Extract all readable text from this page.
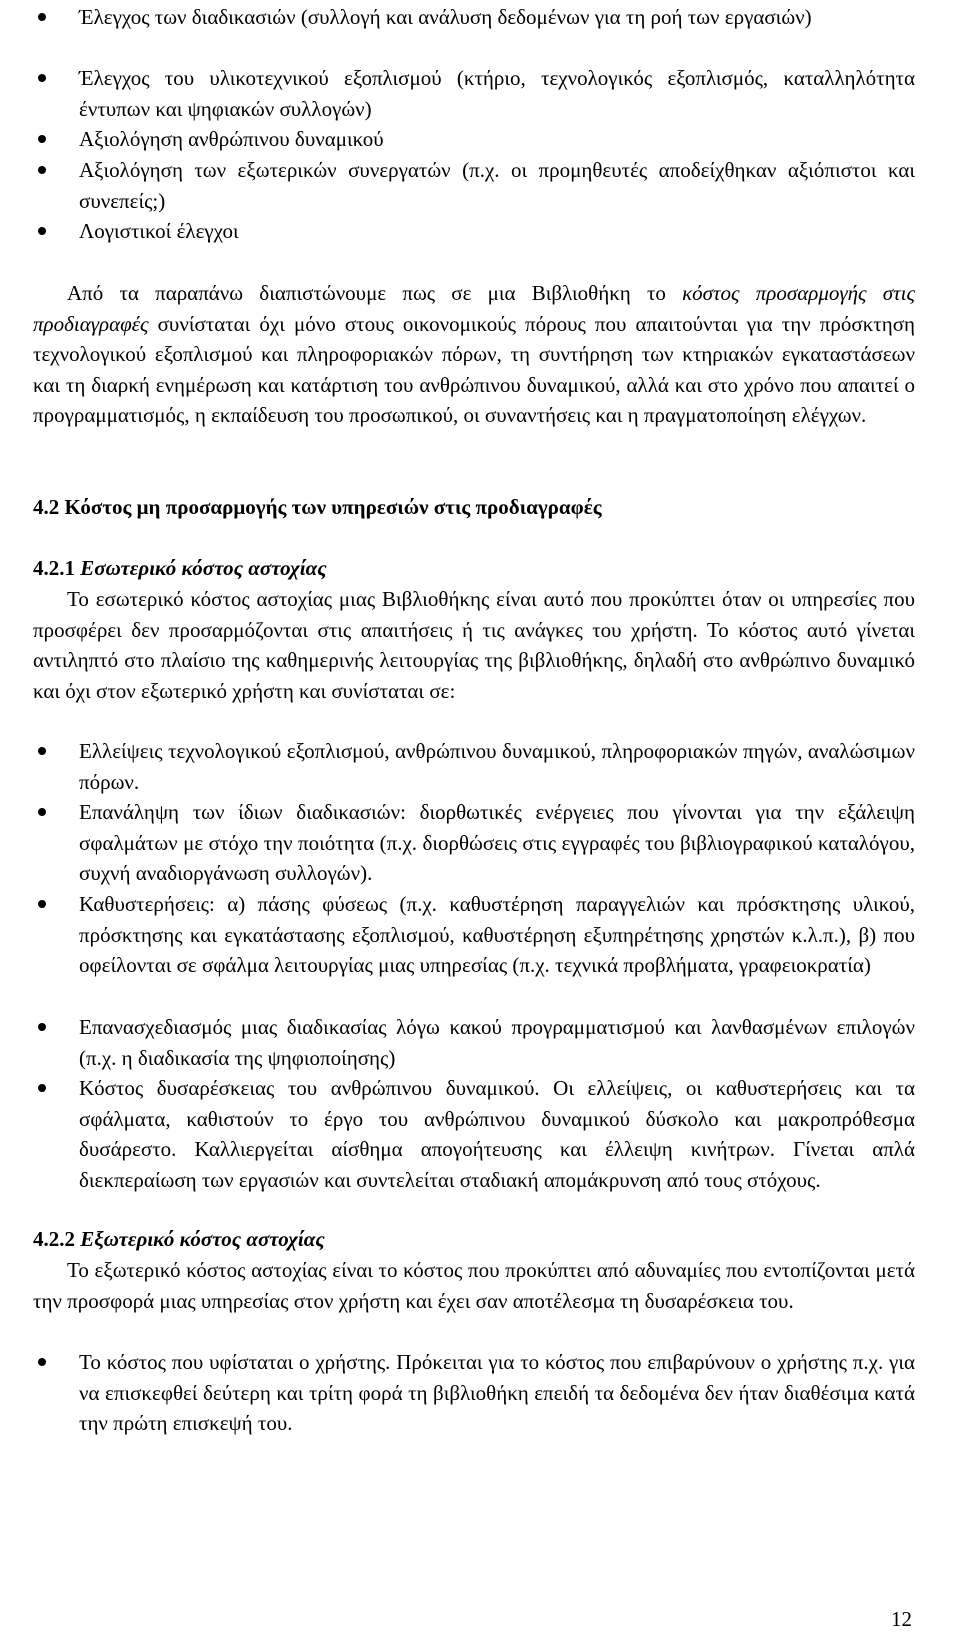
Έλεγχος των διαδικασιών (συλλογή και ανάλυση δεδομένων για τη ροή των εργασιών)
Έλεγχος του υλικοτεχνικού εξοπλισμού (κτήριο, τεχνολογικός εξοπλισμός, καταλληλότητα έντυπων και ψηφιακών συλλογών)
Αξιολόγηση ανθρώπινου δυναμικού
Αξιολόγηση των εξωτερικών συνεργατών (π.χ. οι προμηθευτές αποδείχθηκαν αξιόπιστοι και συνεπείς;)
Λογιστικοί έλεγχοι
Από τα παραπάνω διαπιστώνουμε πως σε μια Βιβλιοθήκη το κόστος προσαρμογής στις προδιαγραφές συνίσταται όχι μόνο στους οικονομικούς πόρους που απαιτούνται για την πρόσκτηση τεχνολογικού εξοπλισμού και πληροφοριακών πόρων, τη συντήρηση των κτηριακών εγκαταστάσεων και τη διαρκή ενημέρωση και κατάρτιση του ανθρώπινου δυναμικού, αλλά και στο χρόνο που απαιτεί ο προγραμματισμός, η εκπαίδευση του προσωπικού, οι συναντήσεις και η πραγματοποίηση ελέγχων.
4.2 Κόστος μη προσαρμογής των υπηρεσιών στις προδιαγραφές
4.2.1 Εσωτερικό κόστος αστοχίας
Το εσωτερικό κόστος αστοχίας μιας Βιβλιοθήκης είναι αυτό που προκύπτει όταν οι υπηρεσίες που προσφέρει δεν προσαρμόζονται στις απαιτήσεις ή τις ανάγκες του χρήστη. Το κόστος αυτό γίνεται αντιληπτό στο πλαίσιο της καθημερινής λειτουργίας της βιβλιοθήκης, δηλαδή στο ανθρώπινο δυναμικό και όχι στον εξωτερικό χρήστη και συνίσταται σε:
Ελλείψεις τεχνολογικού εξοπλισμού, ανθρώπινου δυναμικού, πληροφοριακών πηγών, αναλώσιμων πόρων.
Επανάληψη των ίδιων διαδικασιών: διορθωτικές ενέργειες που γίνονται για την εξάλειψη σφαλμάτων με στόχο την ποιότητα (π.χ. διορθώσεις στις εγγραφές του βιβλιογραφικού καταλόγου, συχνή αναδιοργάνωση συλλογών).
Καθυστερήσεις: α) πάσης φύσεως (π.χ. καθυστέρηση παραγγελιών και πρόσκτησης υλικού, πρόσκτησης και εγκατάστασης εξοπλισμού, καθυστέρηση εξυπηρέτησης χρηστών κ.λ.π.), β) που οφείλονται σε σφάλμα λειτουργίας μιας υπηρεσίας (π.χ. τεχνικά προβλήματα, γραφειοκρατία)
Επανασχεδιασμός μιας διαδικασίας λόγω κακού προγραμματισμού και λανθασμένων επιλογών (π.χ. η διαδικασία της ψηφιοποίησης)
Κόστος δυσαρέσκειας του ανθρώπινου δυναμικού. Οι ελλείψεις, οι καθυστερήσεις και τα σφάλματα, καθιστούν το έργο του ανθρώπινου δυναμικού δύσκολο και μακροπρόθεσμα δυσάρεστο. Καλλιεργείται αίσθημα απογοήτευσης και έλλειψη κινήτρων. Γίνεται απλά διεκπεραίωση των εργασιών και συντελείται σταδιακή απομάκρυνση από τους στόχους.
4.2.2 Εξωτερικό κόστος αστοχίας
Το εξωτερικό κόστος αστοχίας είναι το κόστος που προκύπτει από αδυναμίες που εντοπίζονται μετά την προσφορά μιας υπηρεσίας στον χρήστη και έχει σαν αποτέλεσμα τη δυσαρέσκεια του.
Το κόστος που υφίσταται ο χρήστης. Πρόκειται για το κόστος που επιβαρύνουν ο χρήστης π.χ. για να επισκεφθεί δεύτερη και τρίτη φορά τη βιβλιοθήκη επειδή τα δεδομένα δεν ήταν διαθέσιμα κατά την πρώτη επισκεψή του.
12
